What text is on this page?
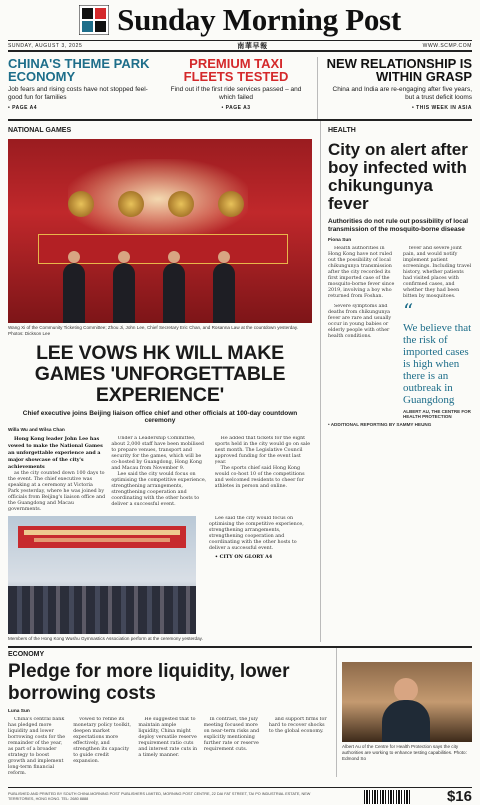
Sunday Morning Post
SUNDAY, AUGUST 3, 2025	南華早報	WWW.SCMP.COM
CHINA'S THEME PARK ECONOMY
Job fears and rising costs have not stopped feel-good fun for families
• PAGE A4
PREMIUM TAXI FLEETS TESTED
Find out if the first ride services passed – and which failed
• PAGE A3
NEW RELATIONSHIP IS WITHIN GRASP
China and India are re-engaging after five years, but a trust deficit looms
• THIS WEEK IN ASIA
NATIONAL GAMES
Wang Xi of the Community Ticketing Committee; Zhou Ji, John Lee, Chief Secretary Eric Chan, and Rosanna Law at the countdown yesterday. Photos: Dickson Lee
LEE VOWS HK WILL MAKE GAMES 'UNFORGETTABLE EXPERIENCE'
Chief executive joins Beijing liaison office chief and other officials at 100-day countdown ceremony
Willa Wu and Wilsa Chan

Hong Kong leader John Lee has vowed to make the National Games an unforgettable experience and a major showcase of the city's achievements

as the city counted down 100 days to the event. The chief executive was speaking at a ceremony at Victoria Park yesterday, where he was joined by officials from Beijing's liaison office and the Guangdong and Macau governments.

Under a Leadership Committee, about 2,000 staff have been mobilised to prepare venues, transport and security for the games, which will be co-hosted by Guangdong, Hong Kong and Macau from November 9.

Lee said the city would focus on optimising the competitive experience, strengthening arrangements, strengthening cooperation and coordinating with the other hosts to deliver a successful event.

He added that tickets for the eight sports held in the city would go on sale next month. The Legislative Council approved funding for the event last year.

The sports chief said Hong Kong would co-host 10 of the competitions and welcomed residents to cheer for athletes in person and online.

Members of the Hong Kong Wushu Gymnastics Association perform at the ceremony yesterday.

Lee said the city would focus on optimising the competitive experience, strengthening arrangements, strengthening cooperation and coordinating with the other hosts to deliver a successful event.

• CITY ON GLORY A4

HEALTH
City on alert after boy infected with chikungunya fever
Authorities do not rule out possibility of local transmission of the mosquito-borne disease
Fiona Sun

Health authorities in Hong Kong have not ruled out the possibility of local chikungunya transmission after the city recorded its first imported case of the mosquito-borne fever since 2019, involving a boy who returned from Foshan.

fever and severe joint pain, and would notify implement patient screenings. Including travel history, whether patients had visited places with confirmed cases, and whether they had been bitten by mosquitoes.

Severe symptoms and deaths from chikungunya fever are rare and usually occur in young babies or elderly people with other health conditions.

“
We believe that the risk of imported cases is high when there is an outbreak in Guangdong
ALBERT AU, THE CENTRE FOR HEALTH PROTECTION
• ADDITIONAL REPORTING BY SAMMY HEUNG
ECONOMY
Pledge for more liquidity, lower borrowing costs
Luna Sun

China's central bank has pledged more liquidity and lower borrowing costs for the remainder of the year, as part of a broader strategy to boost growth and implement long-term financial reform.

vowed to refine its monetary policy toolkit, deepen market expectations more effectively, and strengthen its capacity to guide credit expansion.

He suggested that to maintain ample liquidity, China might deploy versatile reserve requirement ratio cuts and interest rate cuts in a timely manner.

In contrast, the July meeting focused more on near-term risks and explicitly mentioning further rate or reserve requirement cuts.

and support firms for hard to recover shocks to the global economy.

Albert Au of the Centre for Health Protection says the city authorities are working to enhance testing capabilities. Photo: Edmond So
PUBLISHED AND PRINTED BY SOUTH CHINA MORNING POST PUBLISHERS LIMITED, MORNING POST CENTRE, 22 DAI FAT STREET, TAI PO INDUSTRIAL ESTATE, NEW TERRITORIES, HONG KONG. TEL: 2680 8888	$16
